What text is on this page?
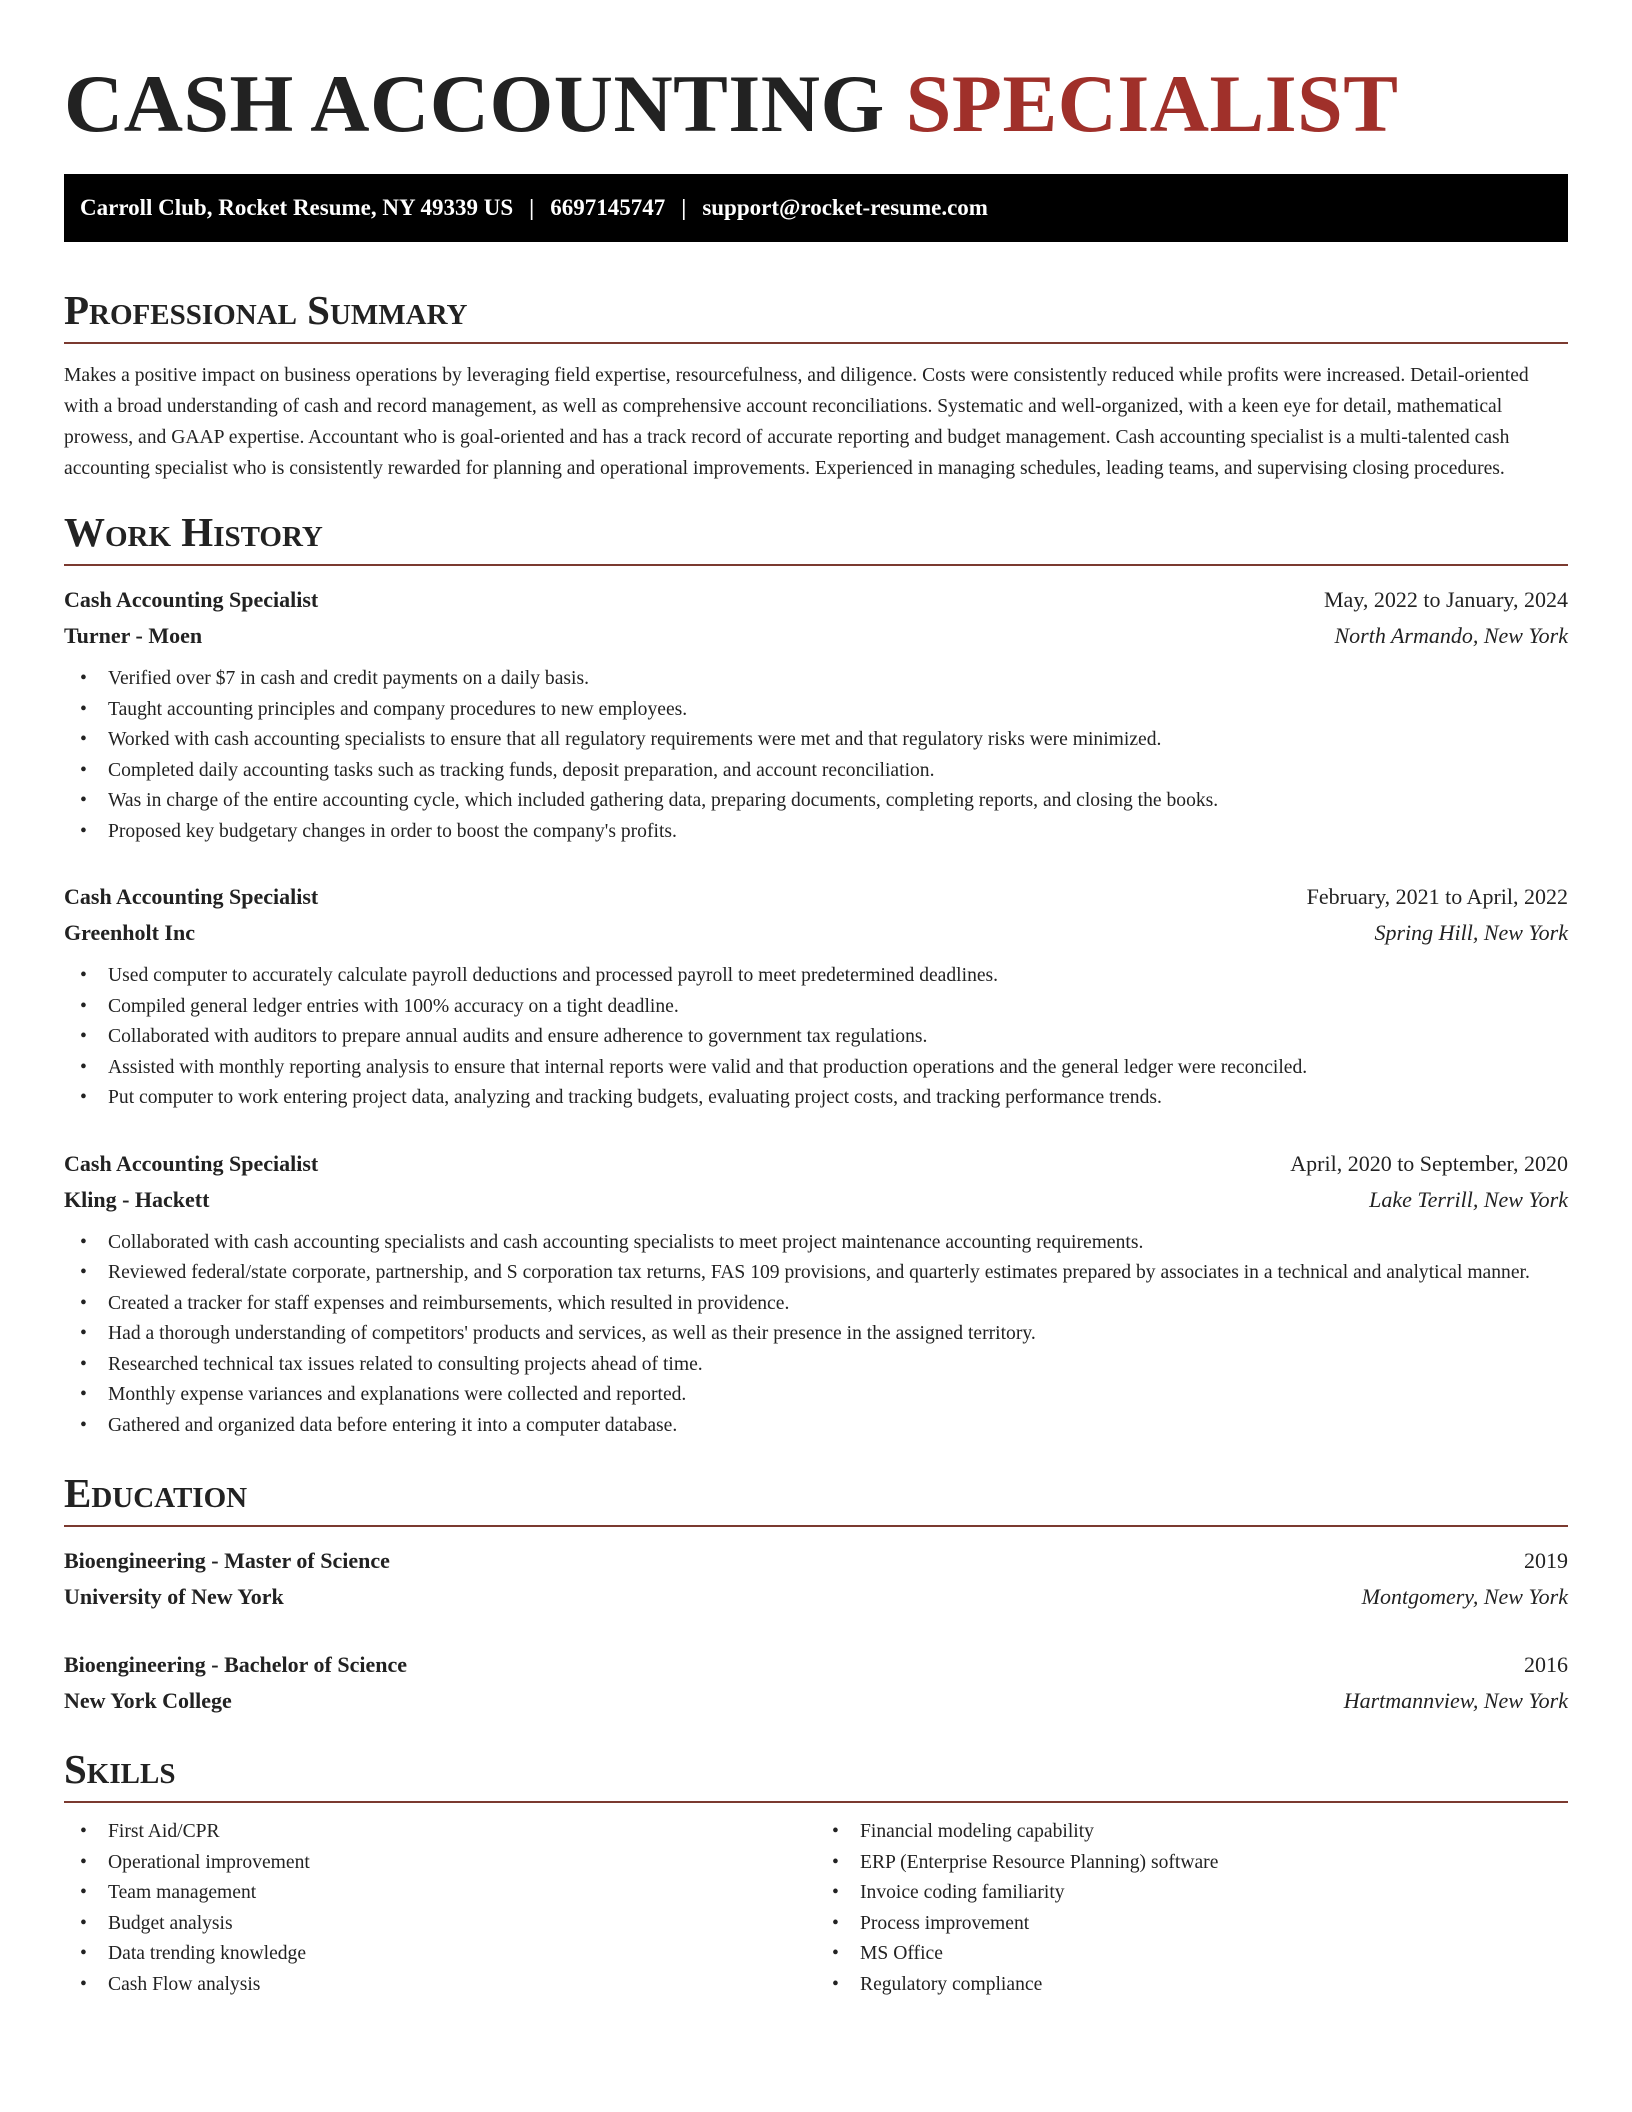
CASH ACCOUNTING SPECIALIST
Carroll Club, Rocket Resume, NY 49339 US | 6697145747 | support@rocket-resume.com
Professional Summary

Makes a positive impact on business operations by leveraging field expertise, resourcefulness, and diligence. Costs were consistently reduced while profits were increased. Detail-oriented with a broad understanding of cash and record management, as well as comprehensive account reconciliations. Systematic and well-organized, with a keen eye for detail, mathematical prowess, and GAAP expertise. Accountant who is goal-oriented and has a track record of accurate reporting and budget management. Cash accounting specialist is a multi-talented cash accounting specialist who is consistently rewarded for planning and operational improvements. Experienced in managing schedules, leading teams, and supervising closing procedures.

Work History
Cash Accounting Specialist	May, 2022 to January, 2024
Turner - Moen	North Armando, New York
• Verified over $7 in cash and credit payments on a daily basis.
• Taught accounting principles and company procedures to new employees.
• Worked with cash accounting specialists to ensure that all regulatory requirements were met and that regulatory risks were minimized.
• Completed daily accounting tasks such as tracking funds, deposit preparation, and account reconciliation.
• Was in charge of the entire accounting cycle, which included gathering data, preparing documents, completing reports, and closing the books.
• Proposed key budgetary changes in order to boost the company's profits.
Cash Accounting Specialist	February, 2021 to April, 2022
Greenholt Inc	Spring Hill, New York
• Used computer to accurately calculate payroll deductions and processed payroll to meet predetermined deadlines.
• Compiled general ledger entries with 100% accuracy on a tight deadline.
• Collaborated with auditors to prepare annual audits and ensure adherence to government tax regulations.
• Assisted with monthly reporting analysis to ensure that internal reports were valid and that production operations and the general ledger were reconciled.
• Put computer to work entering project data, analyzing and tracking budgets, evaluating project costs, and tracking performance trends.
Cash Accounting Specialist	April, 2020 to September, 2020
Kling - Hackett	Lake Terrill, New York
• Collaborated with cash accounting specialists and cash accounting specialists to meet project maintenance accounting requirements.
• Reviewed federal/state corporate, partnership, and S corporation tax returns, FAS 109 provisions, and quarterly estimates prepared by associates in a technical and analytical manner.
• Created a tracker for staff expenses and reimbursements, which resulted in providence.
• Had a thorough understanding of competitors' products and services, as well as their presence in the assigned territory.
• Researched technical tax issues related to consulting projects ahead of time.
• Monthly expense variances and explanations were collected and reported.
• Gathered and organized data before entering it into a computer database.
Education
Bioengineering - Master of Science	2019
University of New York	Montgomery, New York
Bioengineering - Bachelor of Science	2016
New York College	Hartmannview, New York
Skills
• First Aid/CPR
• Operational improvement
• Team management
• Budget analysis
• Data trending knowledge
• Cash Flow analysis
• Financial modeling capability
• ERP (Enterprise Resource Planning) software
• Invoice coding familiarity
• Process improvement
• MS Office
• Regulatory compliance
